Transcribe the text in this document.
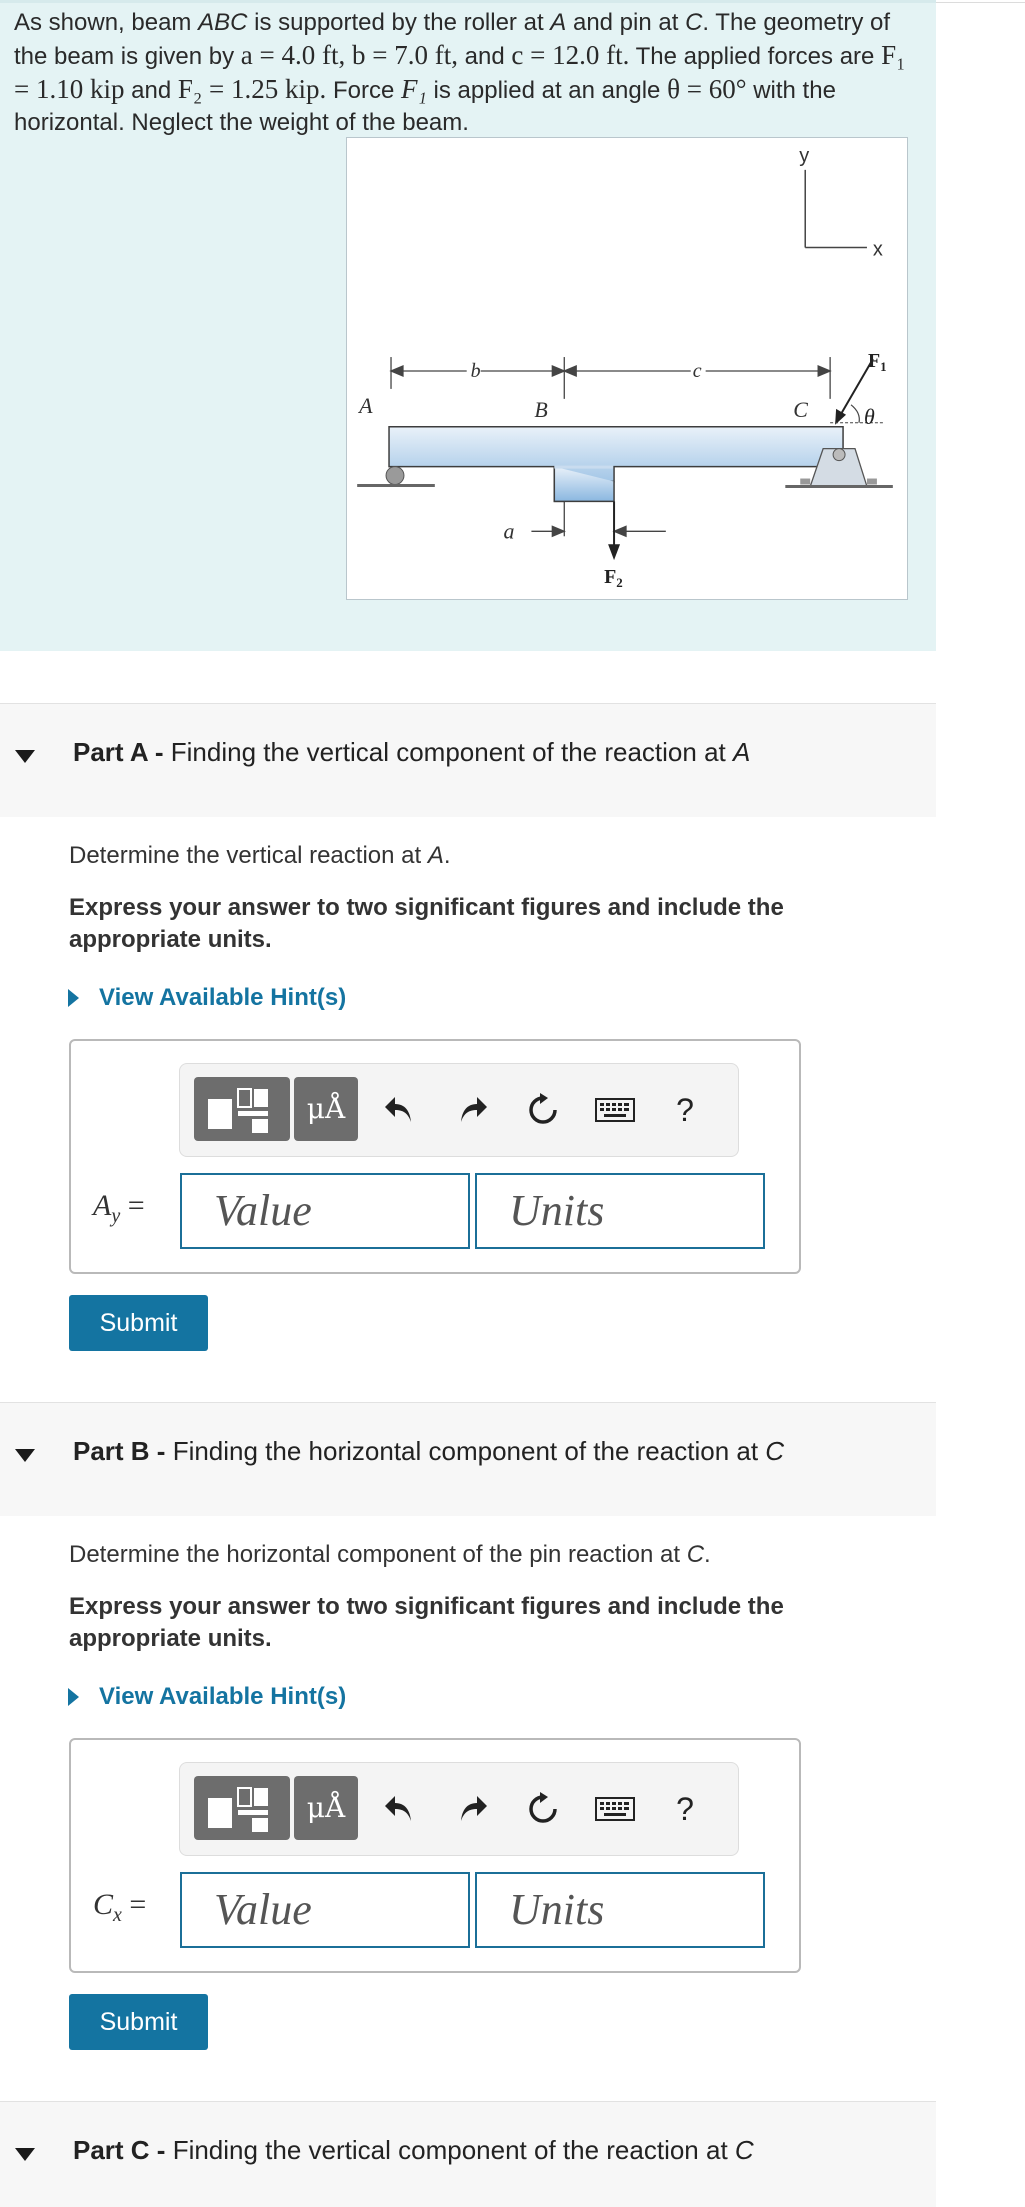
As shown, beam ABC is supported by the roller at A and pin at C. The geometry of the beam is given by a = 4.0 ft, b = 7.0 ft, and c = 12.0 ft. The applied forces are F₁ = 1.10 kip and F₂ = 1.25 kip. Force F₁ is applied at an angle θ = 60° with the horizontal. Neglect the weight of the beam.
y
x
b	c
a
A	B	C
$F_1$
θ
$F_2$
Part A - Finding the vertical component of the reaction at A
Determine the vertical reaction at A.
Express your answer to two significant figures and include the appropriate units.
View Available Hint(s)
μÅ	?
$A_y$ =	Value	Units
Submit
Part B - Finding the horizontal component of the reaction at C
Determine the horizontal component of the pin reaction at C.
Express your answer to two significant figures and include the appropriate units.
View Available Hint(s)
μÅ	?
$C_x$ =	Value	Units
Submit
Part C - Finding the vertical component of the reaction at C
